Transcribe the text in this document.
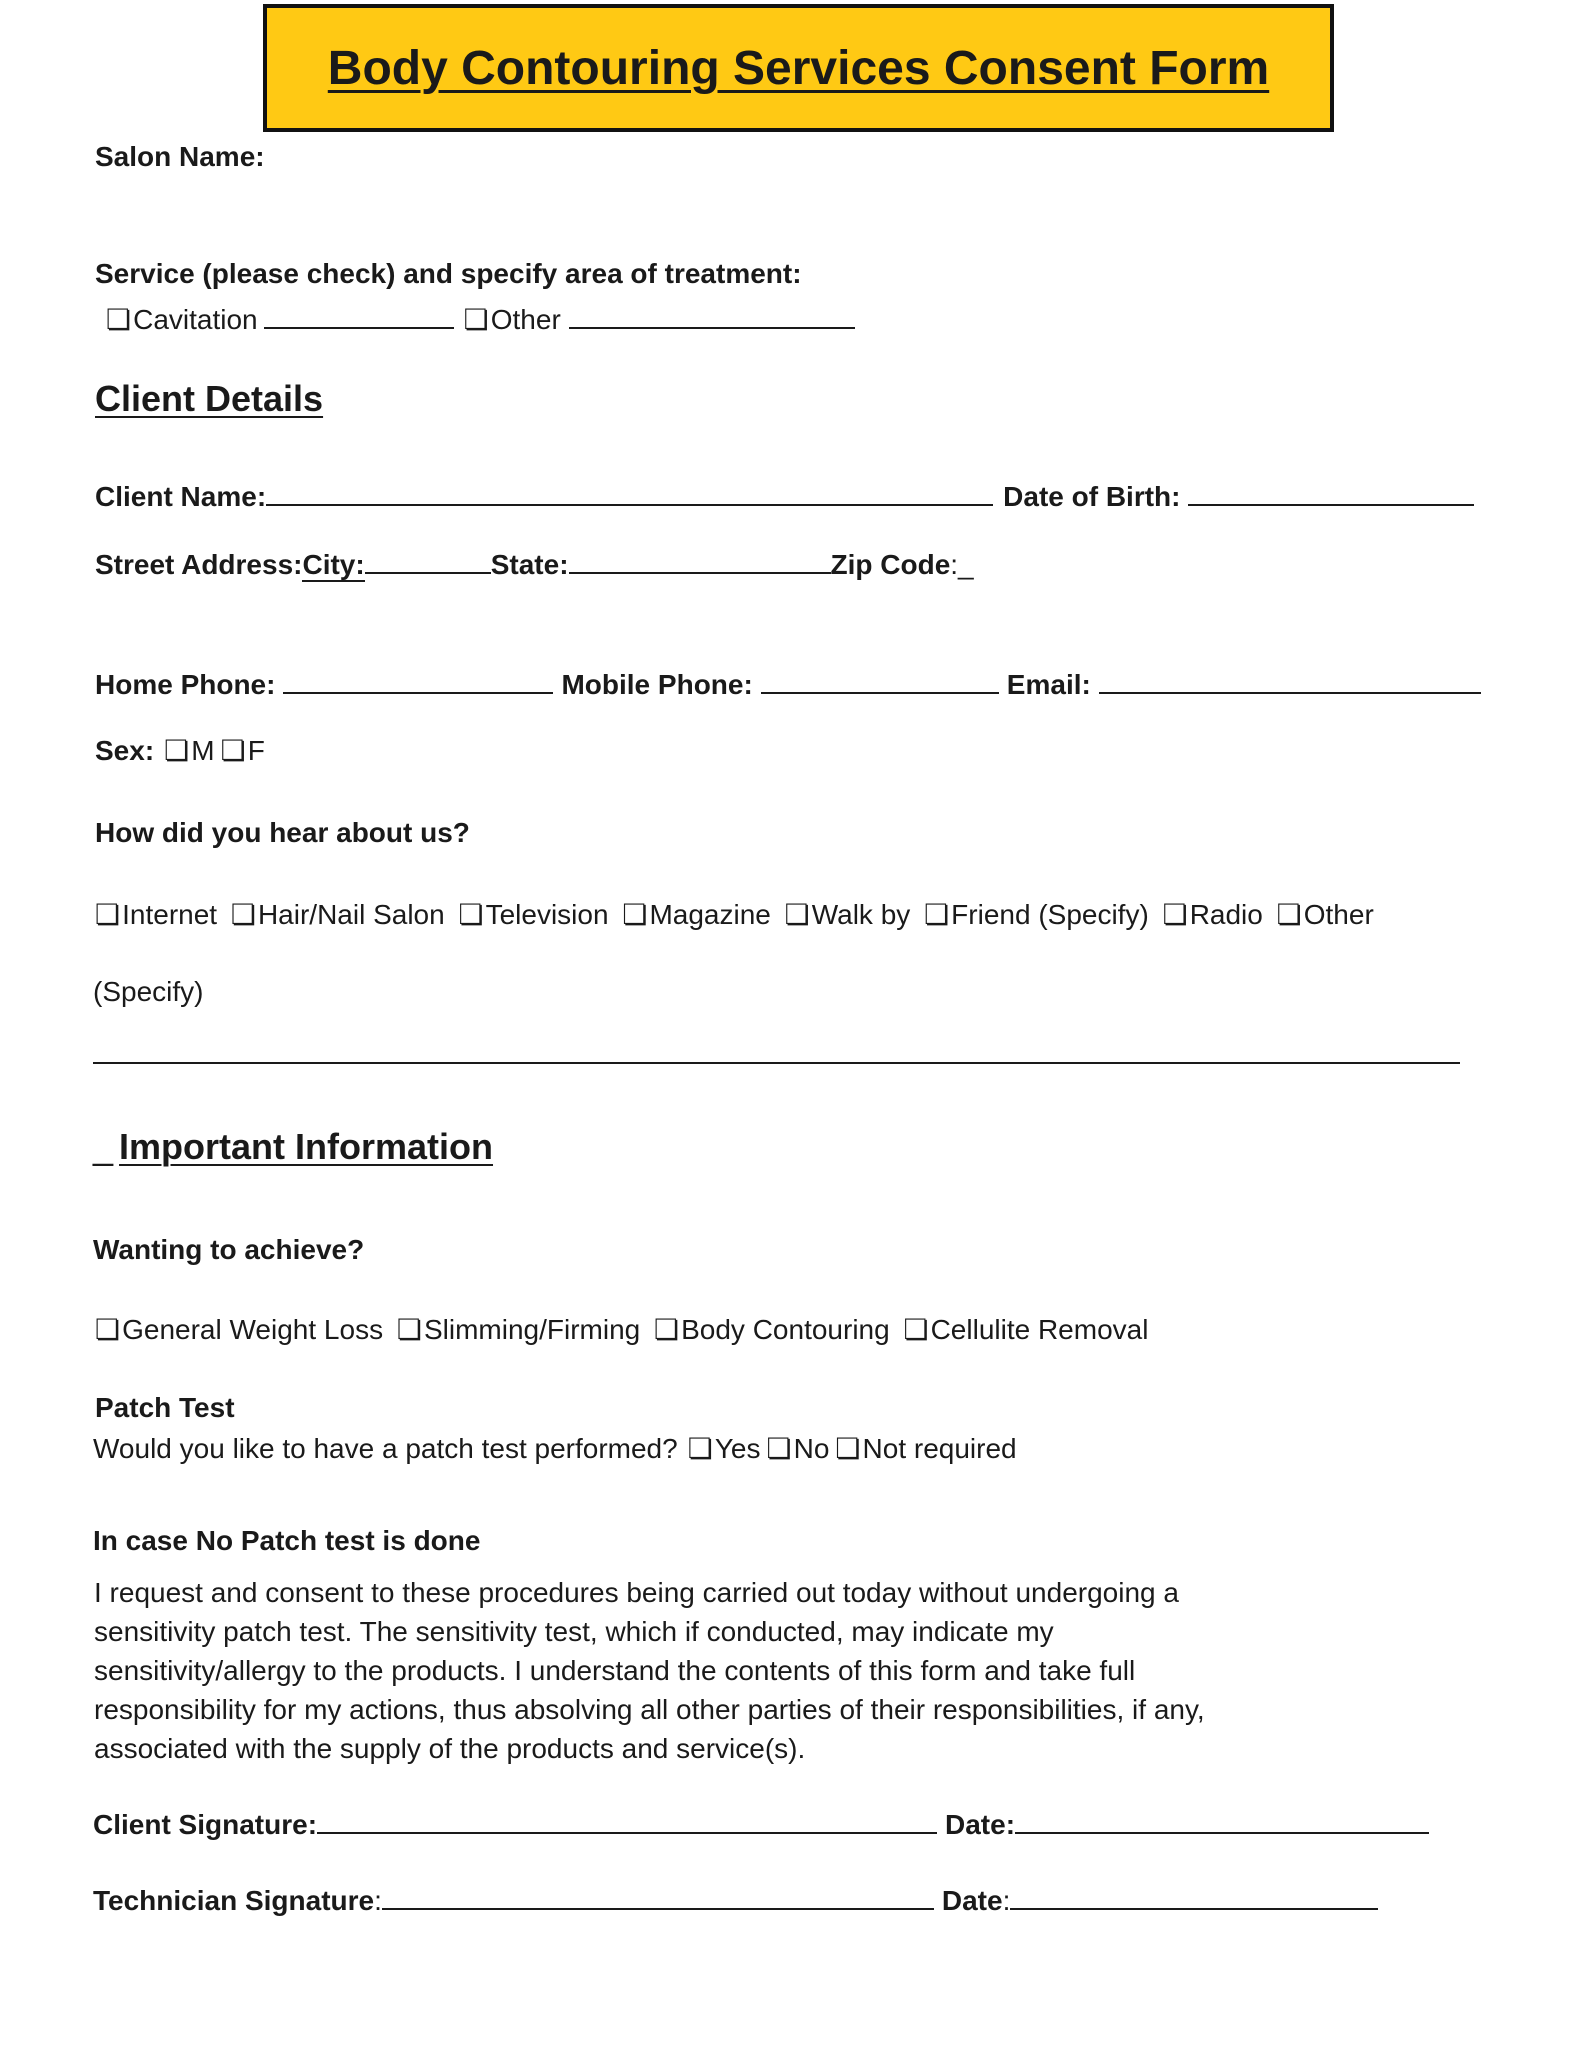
Body Contouring Services Consent Form
Salon Name:
Service (please check) and specify area of treatment:
❏Cavitation	❏Other
Client Details
Client Name:	Date of Birth:
Street Address:City:	State:	Zip Code:_
Home Phone:	Mobile Phone:	Email:
Sex: ❏M ❏F
How did you hear about us?
❏Internet ❏Hair/Nail Salon ❏Television ❏Magazine ❏Walk by ❏Friend (Specify) ❏Radio ❏Other
(Specify)
_ Important Information
Wanting to achieve?
❏General Weight Loss ❏Slimming/Firming ❏Body Contouring ❏Cellulite Removal
Patch Test
Would you like to have a patch test performed? ❏Yes ❏No ❏Not required
In case No Patch test is done

I request and consent to these procedures being carried out today without undergoing a

sensitivity patch test. The sensitivity test, which if conducted, may indicate my

sensitivity/allergy to the products. I understand the contents of this form and take full

responsibility for my actions, thus absolving all other parties of their responsibilities, if any,

associated with the supply of the products and service(s).

Client Signature:	Date:
Technician Signature:	Date:
